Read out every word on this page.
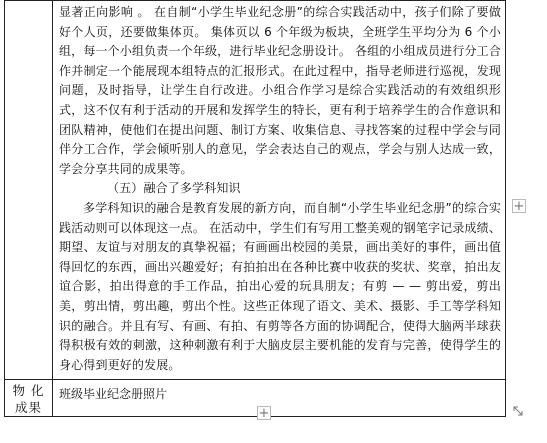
	显著正向影响 。 在自制“小学生毕业纪念册”的综合实践活动中，孩子们除了要做好个人页，还要做集体页。 集体页以 6 个年级为板块，全班学生平均分为 6 个小组，每一个小组负责一个年级，进行毕业纪念册设计。 各组的小组成员进行分工合作并制定一个能展现本组特点的汇报形式。在此过程中，指导老师进行巡视，发现问题，及时指导，让学生自行改进。小组合作学习是综合实践活动的有效组织形式，这不仅有利于活动的开展和发挥学生的特长，更有利于培养学生的合作意识和团队精神，使他们在提出问题、制订方案、收集信息、寻找答案的过程中学会与同伴分工合作，学会倾听别人的意见，学会表达自己的观点，学会与别人达成一致，学会分享共同的成果等。

（五）融合了多学科知识

多学科知识的融合是教育发展的新方向，而自制“小学生毕业纪念册”的综合实践活动则可以体现这一点。 在活动中，学生们有写用工整美观的钢笔字记录成绩、期望、友谊与对朋友的真挚祝福；有画画出校园的美景，画出美好的事件，画出值得回忆的东西，画出兴趣爱好；有拍拍出在各种比赛中收获的奖状、奖章，拍出友谊合影，拍出得意的手工作品，拍出心爱的玩具朋友；有剪 — — 剪出爱，剪出美，剪出情，剪出趣，剪出个性。这些正体现了语文、美术、摄影、手工等学科知识的融合。并且有写、有画、有拍、有剪等各方面的协调配合，使得大脑两半球获得积极有效的刺激，这种刺激有利于大脑皮层主要机能的发育与完善，使得学生的身心得到更好的发展。

物 化 成果	班级毕业纪念册照片
+
+
